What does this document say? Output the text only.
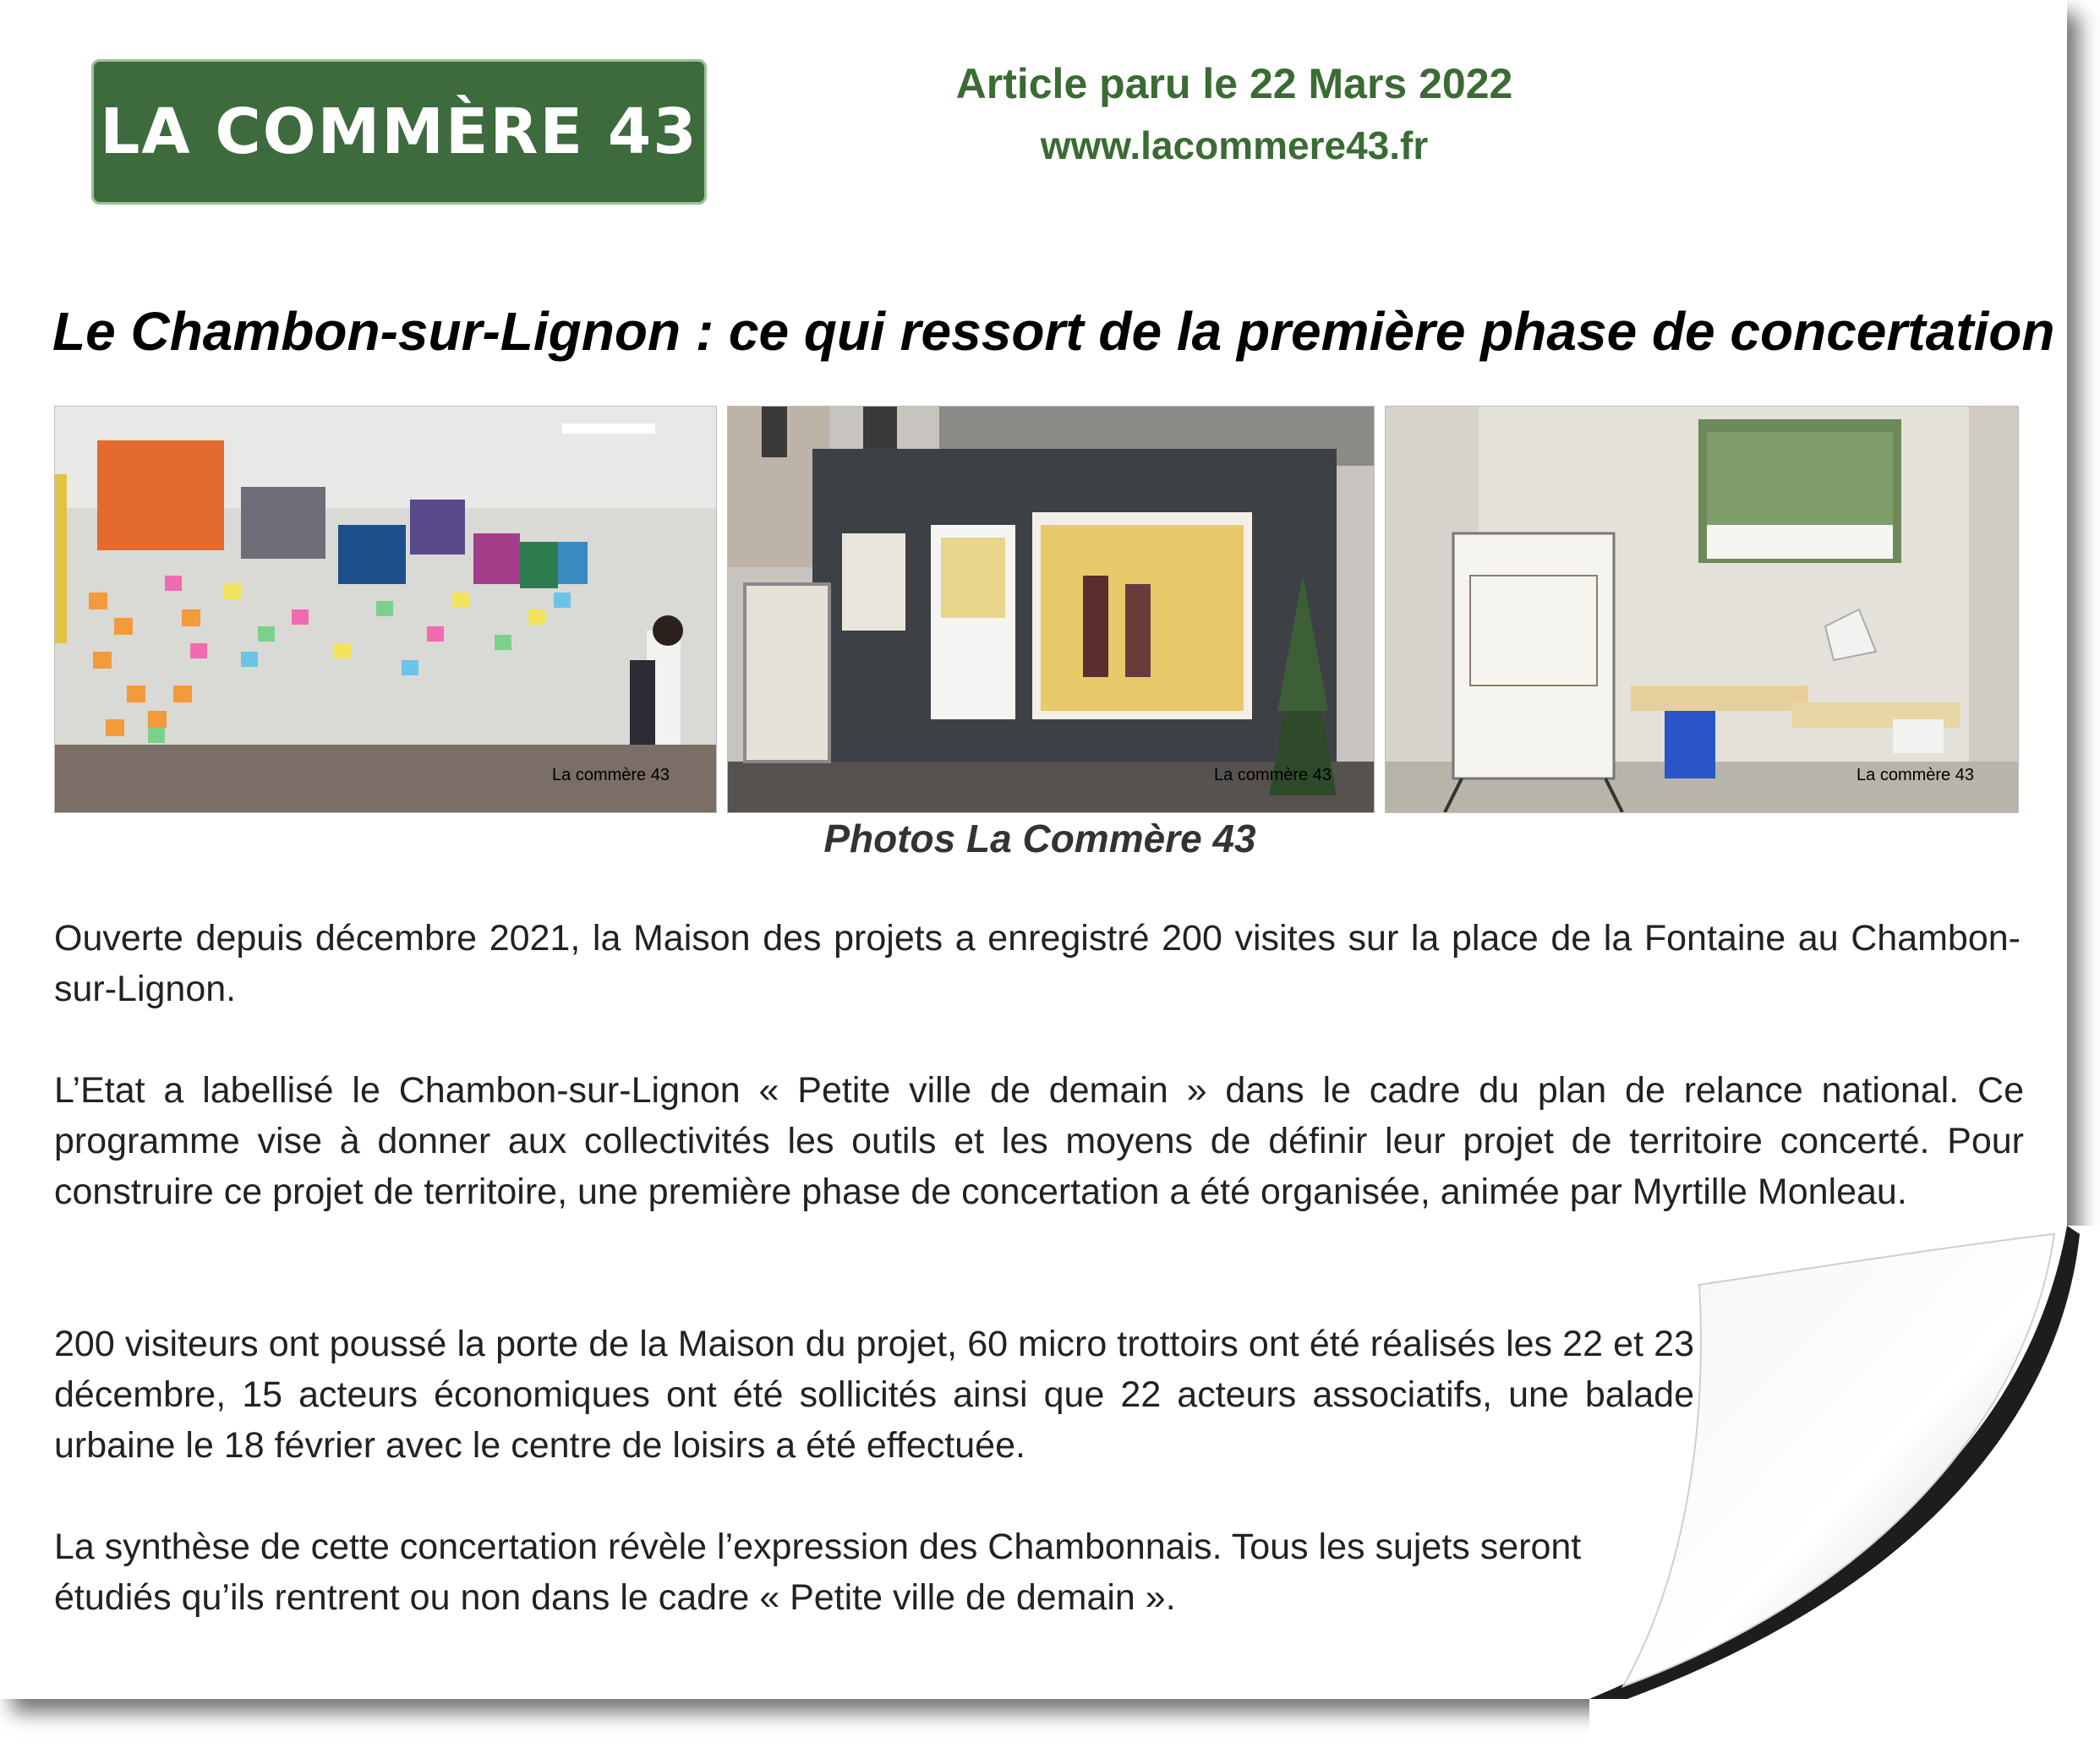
LA COMMÈRE 43
Article paru le 22 Mars 2022
www.lacommere43.fr
Le Chambon-sur-Lignon : ce qui ressort de la première phase de concertation
La commère 43	La commère 43	La commère 43
Photos La Commère 43
Ouverte depuis décembre 2021, la Maison des projets a enregistré 200 visites sur la place de la Fontaine au Chambon-sur-Lignon.
L’Etat a labellisé le Chambon-sur-Lignon « Petite ville de demain » dans le cadre du plan de relance national. Ce programme vise à donner aux collectivités les outils et les moyens de définir leur projet de territoire concerté. Pour construire ce projet de territoire, une première phase de concertation a été organisée, animée par Myrtille Monleau.
200 visiteurs ont poussé la porte de la Maison du projet, 60 micro trottoirs ont été réalisés les 22 et 23 décembre, 15 acteurs économiques ont été sollicités ainsi que 22 acteurs associatifs, une balade urbaine le 18 février avec le centre de loisirs a été effectuée.
La synthèse de cette concertation révèle l’expression des Chambonnais. Tous les sujets seront étudiés qu’ils rentrent ou non dans le cadre « Petite ville de demain ».
